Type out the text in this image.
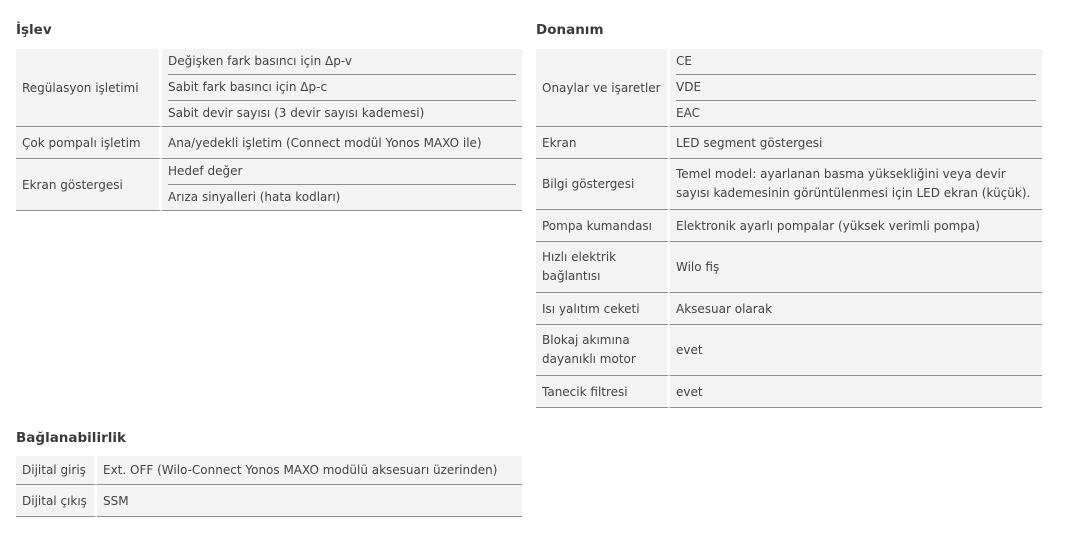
İşlev
Regülasyon işletimi	Değişken fark basıncı için Δp-v
Sabit fark basıncı için Δp-c
Sabit devir sayısı (3 devir sayısı kademesi)

Çok pompalı işletim	Ana/yedekli işletim (Connect modül Yonos MAXO ile)
Ekran göstergesi	Hedef değer
Arıza sinyalleri (hata kodları)
Donanım
Onaylar ve işaretler	CE
VDE
EAC

Ekran	LED segment göstergesi
Bilgi göstergesi	Temel model: ayarlanan basma yüksekliğini veya devir sayısı kademesinin görüntülenmesi için LED ekran (küçük).
Pompa kumandası	Elektronik ayarlı pompalar (yüksek verimli pompa)
Hızlı elektrik bağlantısı	Wilo fiş
Isı yalıtım ceketi	Aksesuar olarak
Blokaj akımına dayanıklı motor	evet
Tanecik filtresi	evet
Bağlanabilirlik
Dijital giriş	Ext. OFF (Wilo-Connect Yonos MAXO modülü aksesuarı üzerinden)
Dijital çıkış	SSM
